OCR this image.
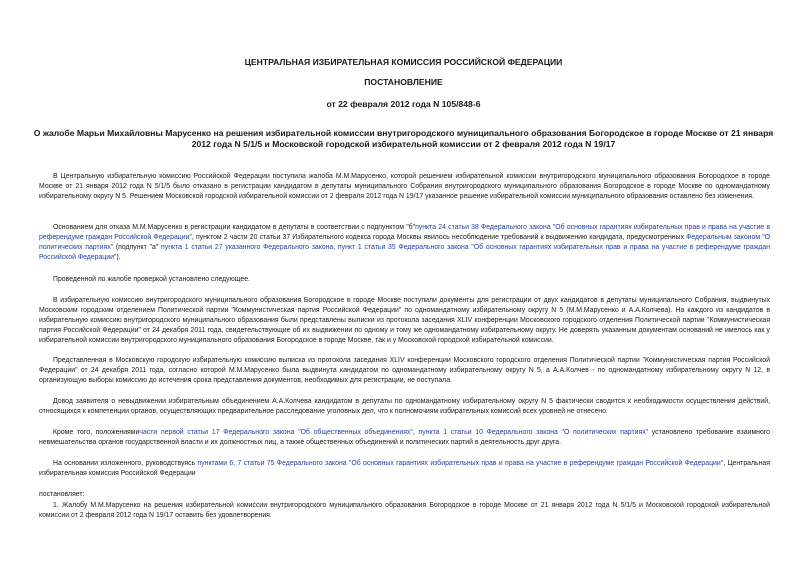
ЦЕНТРАЛЬНАЯ ИЗБИРАТЕЛЬНАЯ КОМИССИЯ РОССИЙСКОЙ ФЕДЕРАЦИИ
ПОСТАНОВЛЕНИЕ
от 22 февраля 2012 года N 105/848-6
О жалобе Марьи Михайловны Марусенко на решения избирательной комиссии внутригородского муниципального образования Богородское в городе Москве от 21 января 2012 года N 5/1/5 и Московской городской избирательной комиссии от 2 февраля 2012 года N 19/17

В Центральную избирательную комиссию Российской Федерации поступила жалоба М.М.Марусенко, которой решением избирательной комиссии внутригородского муниципального образования Богородское в городе Москве от 21 января 2012 года N 5/1/5 было отказано в регистрации кандидатом в депутаты муниципального Собрания внутригородского муниципального образования Богородское в городе Москве по одномандатному избирательному округу N 5. Решением Московской городской избирательной комиссии от 2 февраля 2012 года N 19/17 указанное решение избирательной комиссии муниципального образования оставлено без изменения.

Основанием для отказа М.М.Марусенко в регистрации кандидатом в депутаты в соответствии с подпунктом "б"пункта 24 статьи 38 Федерального закона "Об основных гарантиях избирательных прав и права на участие в референдуме граждан Российской Федерации", пунктом 2 части 20 статьи 37 Избирательного кодекса города Москвы явилось несоблюдение требований к выдвижению кандидата, предусмотренных Федеральным законом "О политических партиях" (подпункт "а" пункта 1 статьи 27 указанного Федерального закона, пункт 1 статьи 35 Федерального закона "Об основных гарантиях избирательных прав и права на участие в референдуме граждан Российской Федерации").

Проведенной по жалобе проверкой установлено следующее.

В избирательную комиссию внутригородского муниципального образования Богородское в городе Москве поступили документы для регистрации от двух кандидатов в депутаты муниципального Собрания, выдвинутых Московским городским отделением Политической партии "Коммунистическая партия Российской Федерации" по одномандатному избирательному округу N 5 (М.М.Марусенко и А.А.Колчева). На каждого из кандидатов в избирательную комиссию внутригородского муниципального образования были представлены выписки из протокола заседания XLIV конференции Московского городского отделения Политической партии "Коммунистическая партия Российской Федерации" от 24 декабря 2011 года, свидетельствующие об их выдвижении по одному и тому же одномандатному избирательному округу. Не доверять указанным документам оснований не имелось как у избирательной комиссии внутригородского муниципального образования Богородское в городе Москве, так и у Московской городской избирательной комиссии.

Представленная в Московскую городскую избирательную комиссию выписка из протокола заседания XLIV конференции Московского городского отделения Политической партии "Коммунистическая партия Российской Федерации" от 24 декабря 2011 года, согласно которой М.М.Марусенко была выдвинута кандидатом по одномандатному избирательному округу N 5, а А.А.Колчев - по одномандатному избирательному округу N 12, в организующую выборы комиссию до истечения срока представления документов, необходимых для регистрации, не поступала.

Довод заявителя о невыдвижении избирательным объединением А.А.Колчева кандидатом в депутаты по одномандатному избирательному округу N 5 фактически сводится к необходимости осуществления действий, относящихся к компетенции органов, осуществляющих предварительное расследование уголовных дел, что к полномочиям избирательных комиссий всех уровней не отнесено.

Кроме того, положениямичасти первой статьи 17 Федерального закона "Об общественных объединениях", пункта 1 статьи 10 Федерального закона "О политических партиях" установлено требование взаимного невмешательства органов государственной власти и их должностных лиц, а также общественных объединений и политических партий в деятельность друг друга.

На основании изложенного, руководствуясь пунктами 6, 7 статьи 75 Федерального закона "Об основных гарантиях избирательных прав и права на участие в референдуме граждан Российской Федерации", Центральная избирательная комиссия Российской Федерации

постановляет:

1. Жалобу М.М.Марусенко на решения избирательной комиссии внутригородского муниципального образования Богородское в городе Москве от 21 января 2012 года N 5/1/5 и Московской городской избирательной комиссии от 2 февраля 2012 года N 19/17 оставить без удовлетворения.
